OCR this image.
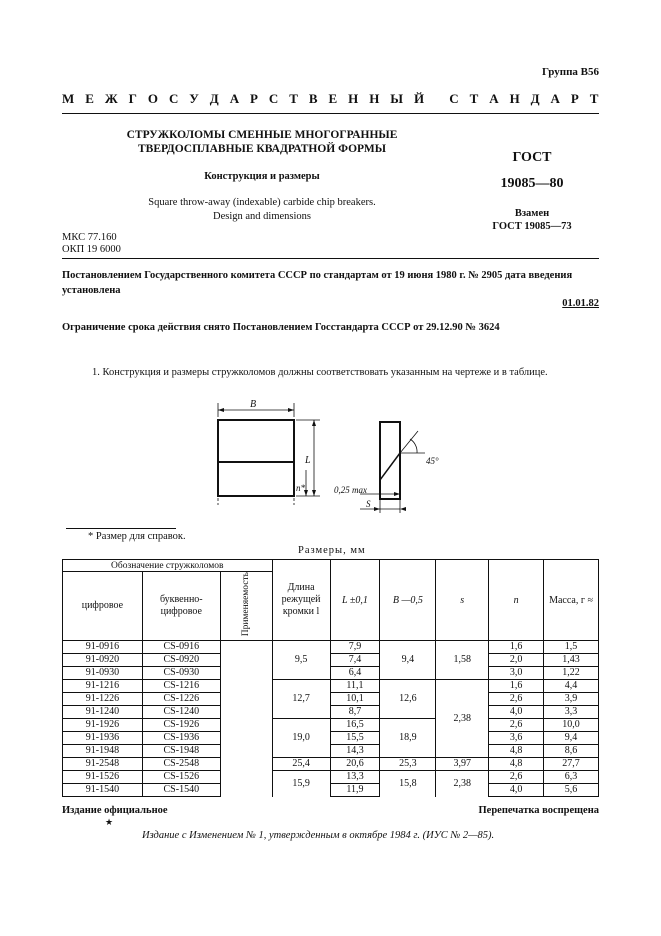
Группа В56
М Е Ж Г О С У Д А Р С Т В Е Н Н Ы Й
С Т А Н Д А Р Т
СТРУЖКОЛОМЫ СМЕННЫЕ МНОГОГРАННЫЕ
ТВЕРДОСПЛАВНЫЕ КВАДРАТНОЙ ФОРМЫ
Конструкция и размеры
Square throw-away (indexable) carbide chip breakers.
Design and dimensions
ГОСТ
19085—80
Взамен
ГОСТ 19085—73
МКС 77.160
ОКП 19 6000
Постановлением Государственного комитета СССР по стандартам от 19 июня 1980 г. № 2905 дата введения установлена
01.01.82
Ограничение срока действия снято Постановлением Госстандарта СССР от 29.12.90 № 3624
1. Конструкция и размеры стружколомов должны соответствовать указанным на чертеже и в таблице.
B
L
n*	0,25 max
S
45°
* Размер для справок.
Размеры, мм
Обозначение стружколомов			Длина режущей кромки l	L ±0,1	B —0,5	s	n	Масса, г ≈
цифровое	буквенно-цифровое	Применяемость						
91-0916	CS-0916		9,5	7,9	9,4	1,58	1,6	1,5
91-0920	CS-0920			7,4			2,0	1,43
91-0930	CS-0930			6,4			3,0	1,22
91-1216	CS-1216		12,7	11,1	12,6	2,38	1,6	4,4
91-1226	CS-1226			10,1			2,6	3,9
91-1240	CS-1240			8,7			4,0	3,3
91-1926	CS-1926		19,0	16,5	18,9		2,6	10,0
91-1936	CS-1936			15,5			3,6	9,4
91-1948	CS-1948			14,3			4,8	8,6
91-2548	CS-2548		25,4	20,6	25,3	3,97	4,8	27,7
91-1526	CS-1526		15,9	13,3	15,8	2,38	2,6	6,3
91-1540	CS-1540			11,9			4,0	5,6
Издание официальное
★
Перепечатка воспрещена
Издание с Изменением № 1, утвержденным в октябре 1984 г. (ИУС № 2—85).
